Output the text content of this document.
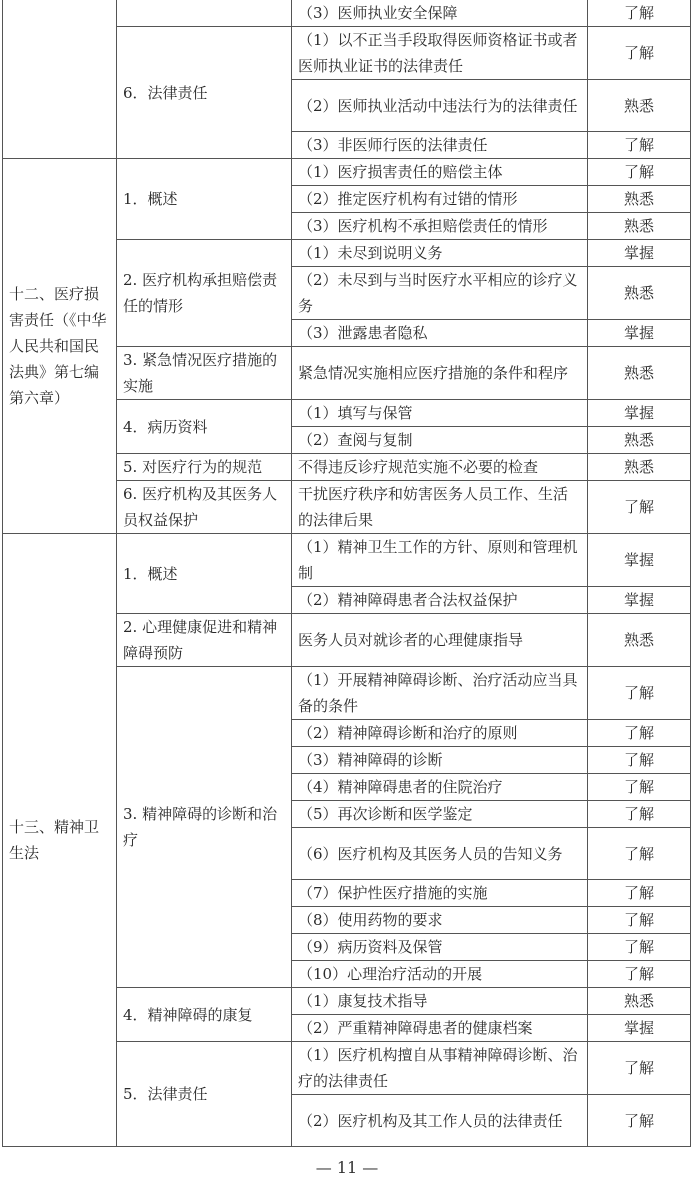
		（3）医师执业安全保障	了解
	6．法律责任	（1）以不正当手段取得医师资格证书或者医师执业证书的法律责任	了解
		（2）医师执业活动中违法行为的法律责任	熟悉
		（3）非医师行医的法律责任	了解
十二、医疗损害责任（《中华人民共和国民法典》第七编第六章）	1．概述	（1）医疗损害责任的赔偿主体	了解
		（2）推定医疗机构有过错的情形	熟悉
		（3）医疗机构不承担赔偿责任的情形	熟悉
	2. 医疗机构承担赔偿责任的情形	（1）未尽到说明义务	掌握
		（2）未尽到与当时医疗水平相应的诊疗义务	熟悉
		（3）泄露患者隐私	掌握
	3. 紧急情况医疗措施的实施	紧急情况实施相应医疗措施的条件和程序	熟悉
	4．病历资料	（1）填写与保管	掌握
		（2）查阅与复制	熟悉
	5. 对医疗行为的规范	不得违反诊疗规范实施不必要的检查	熟悉
	6. 医疗机构及其医务人员权益保护	干扰医疗秩序和妨害医务人员工作、生活的法律后果	了解
十三、精神卫生法	1．概述	（1）精神卫生工作的方针、原则和管理机制	掌握
		（2）精神障碍患者合法权益保护	掌握
	2. 心理健康促进和精神障碍预防	医务人员对就诊者的心理健康指导	熟悉
	3. 精神障碍的诊断和治疗	（1）开展精神障碍诊断、治疗活动应当具备的条件	了解
		（2）精神障碍诊断和治疗的原则	了解
		（3）精神障碍的诊断	了解
		（4）精神障碍患者的住院治疗	了解
		（5）再次诊断和医学鉴定	了解
		（6）医疗机构及其医务人员的告知义务	了解
		（7）保护性医疗措施的实施	了解
		（8）使用药物的要求	了解
		（9）病历资料及保管	了解
		（10）心理治疗活动的开展	了解
	4．精神障碍的康复	（1）康复技术指导	熟悉
		（2）严重精神障碍患者的健康档案	掌握
	5．法律责任	（1）医疗机构擅自从事精神障碍诊断、治疗的法律责任	了解
		（2）医疗机构及其工作人员的法律责任	了解
— 11 —
